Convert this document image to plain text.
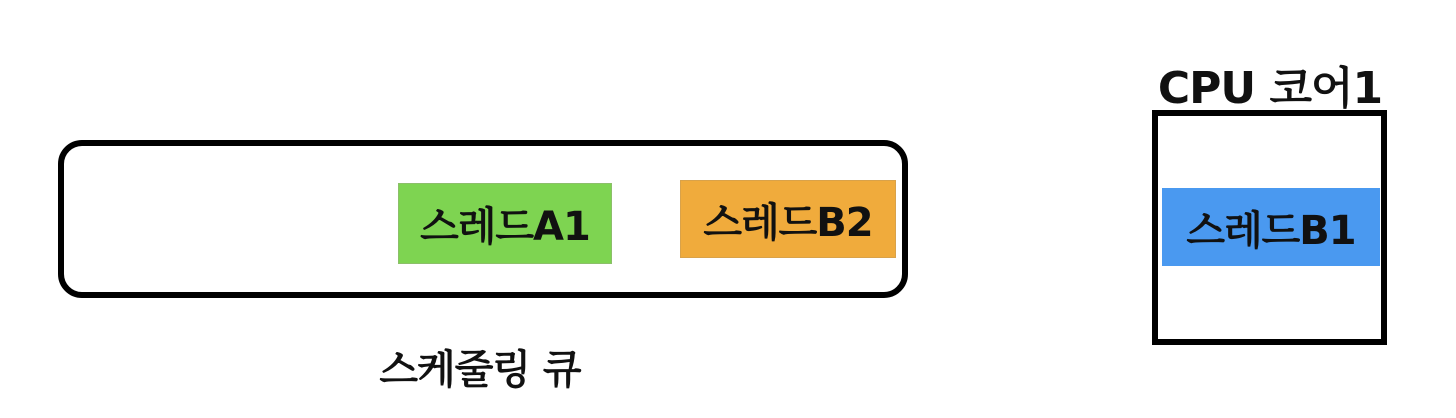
스레드A1	스레드B2
스케줄링 큐
CPU 코어1
스레드B1
